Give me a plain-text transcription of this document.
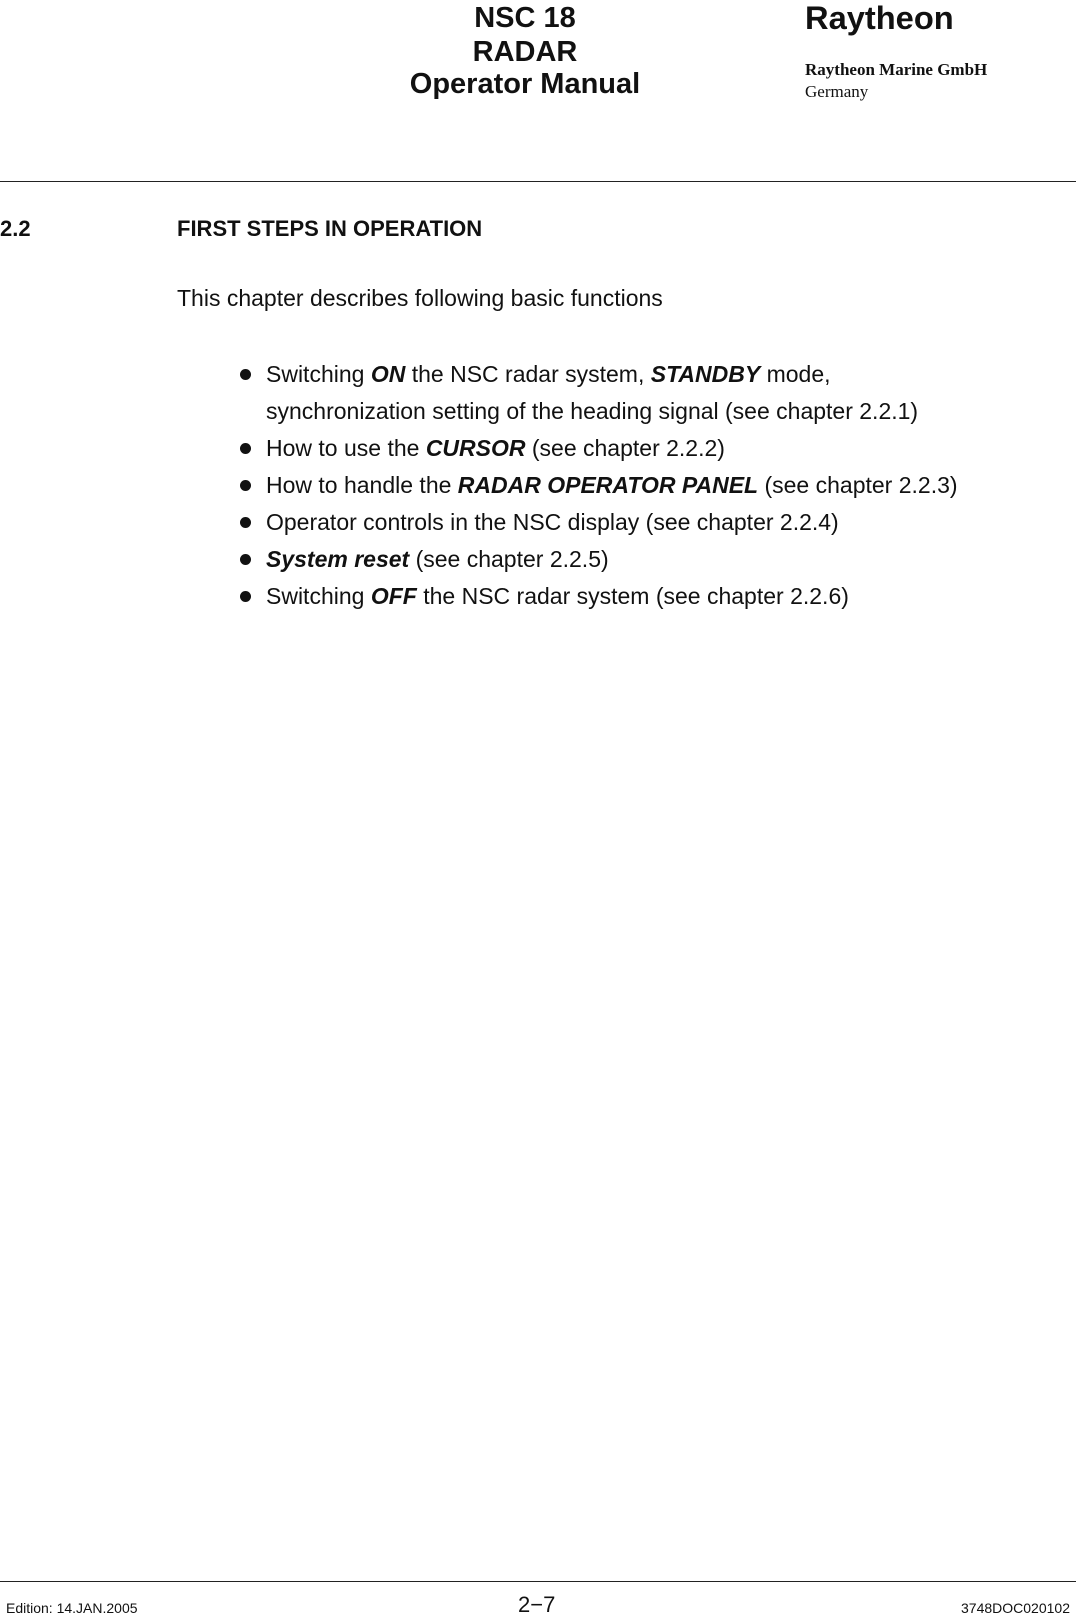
NSC 18
RADAR
Operator Manual
Raytheon
Raytheon Marine GmbH
Germany
2.2	FIRST STEPS IN OPERATION
This chapter describes following basic functions
Switching ON the NSC radar system, STANDBY mode,
synchronization setting of the heading signal (see chapter 2.2.1)
How to use the CURSOR (see chapter 2.2.2)
How to handle the RADAR OPERATOR PANEL (see chapter 2.2.3)
Operator controls in the NSC display (see chapter 2.2.4)
System reset (see chapter 2.2.5)
Switching OFF the NSC radar system (see chapter 2.2.6)
Edition: 14.JAN.2005	2−7	3748DOC020102
